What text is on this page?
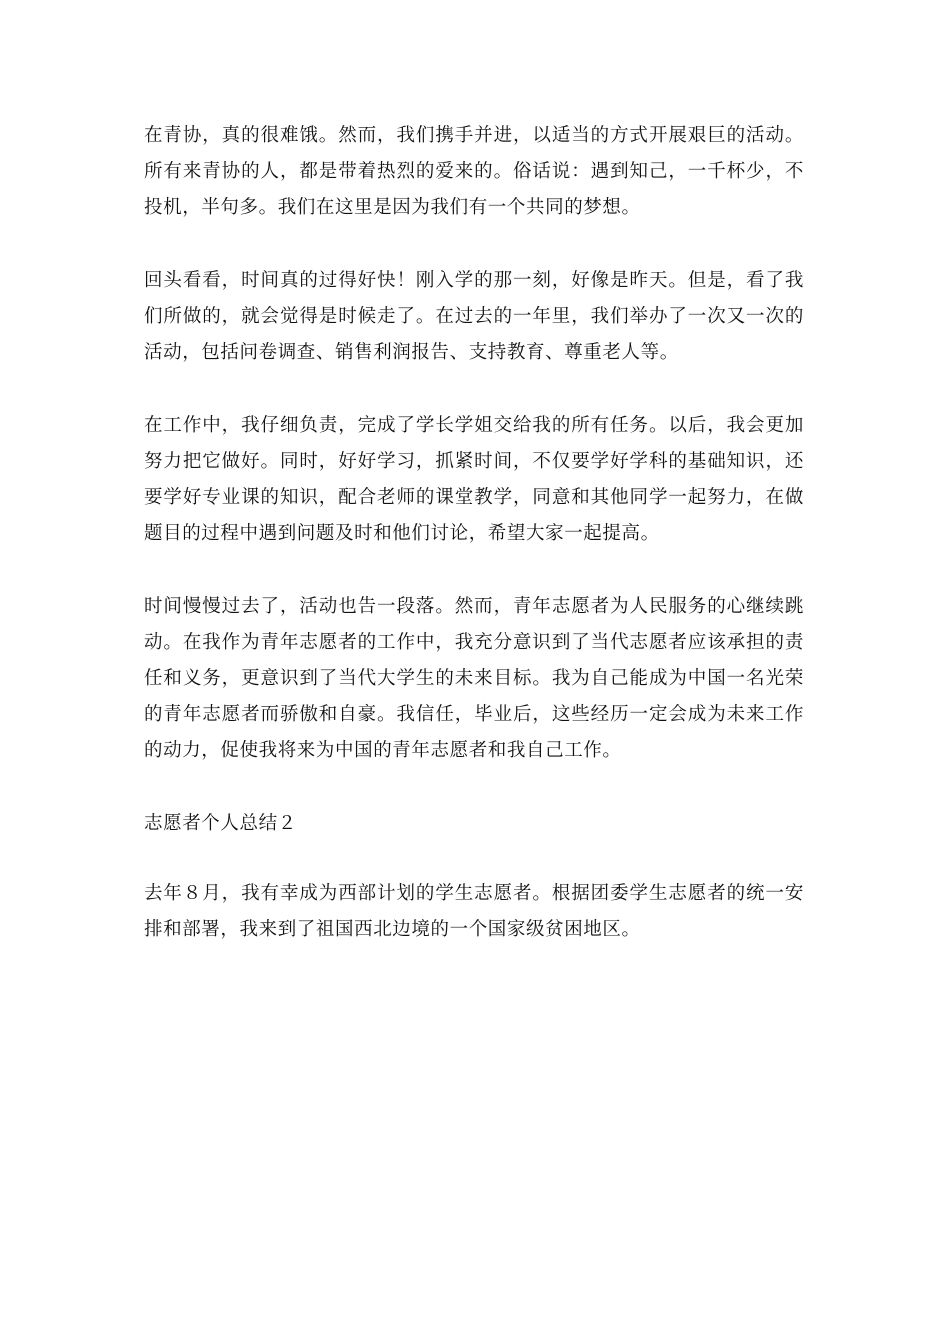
在青协，真的很难饿。然而，我们携手并进，以适当的方式开展艰巨的活动。所有来青协的人，都是带着热烈的爱来的。俗话说：遇到知己，一千杯少，不投机，半句多。我们在这里是因为我们有一个共同的梦想。

回头看看，时间真的过得好快！刚入学的那一刻，好像是昨天。但是，看了我们所做的，就会觉得是时候走了。在过去的一年里，我们举办了一次又一次的活动，包括问卷调查、销售利润报告、支持教育、尊重老人等。

在工作中，我仔细负责，完成了学长学姐交给我的所有任务。以后，我会更加努力把它做好。同时，好好学习，抓紧时间，不仅要学好学科的基础知识，还要学好专业课的知识，配合老师的课堂教学，同意和其他同学一起努力，在做题目的过程中遇到问题及时和他们讨论，希望大家一起提高。

时间慢慢过去了，活动也告一段落。然而，青年志愿者为人民服务的心继续跳动。在我作为青年志愿者的工作中，我充分意识到了当代志愿者应该承担的责任和义务，更意识到了当代大学生的未来目标。我为自己能成为中国一名光荣的青年志愿者而骄傲和自豪。我信任，毕业后，这些经历一定会成为未来工作的动力，促使我将来为中国的青年志愿者和我自己工作。

志愿者个人总结２

去年８月，我有幸成为西部计划的学生志愿者。根据团委学生志愿者的统一安排和部署，我来到了祖国西北边境的一个国家级贫困地区。
